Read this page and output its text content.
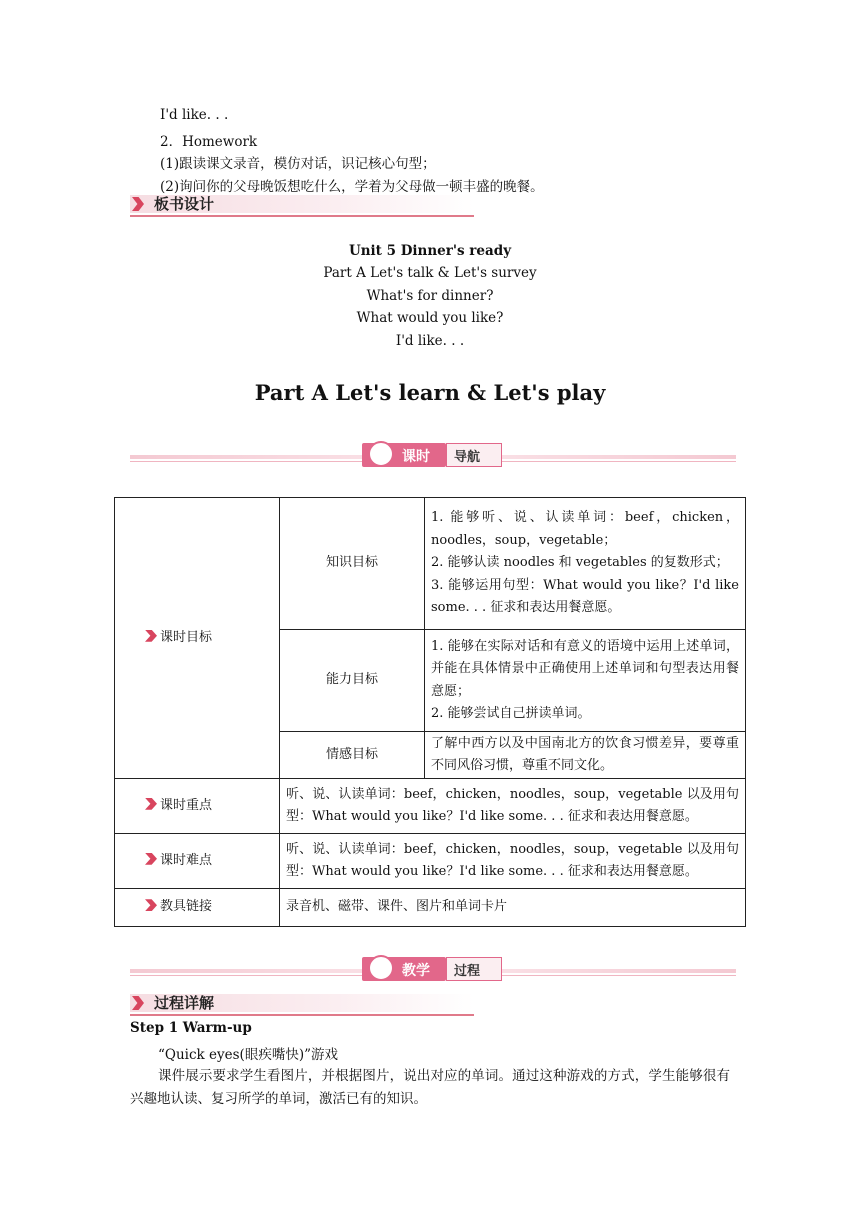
I'd like. . .
2．Homework
(1)跟读课文录音，模仿对话，识记核心句型；
(2)询问你的父母晚饭想吃什么，学着为父母做一顿丰盛的晚餐。
板书设计
Unit 5 Dinner's ready
Part A Let's talk & Let's survey
What's for dinner?
What would you like?
I'd like. . .
Part A Let's learn & Let's play
课时 导航
课时目标	知识目标	1. 能够听、说、认读单词：beef，chicken，noodles，soup，vegetable；
2. 能够认读 noodles 和 vegetables 的复数形式；
3. 能够运用句型：What would you like？I'd like some. . . 征求和表达用餐意愿。

	能力目标	1. 能够在实际对话和有意义的语境中运用上述单词，并能在具体情景中正确使用上述单词和句型表达用餐意愿；
2. 能够尝试自己拼读单词。

	情感目标	了解中西方以及中国南北方的饮食习惯差异，要尊重不同风俗习惯，尊重不同文化。
课时重点	听、说、认读单词：beef，chicken，noodles，soup，vegetable 以及用句型：What would you like？I'd like some. . . 征求和表达用餐意愿。	
课时难点	听、说、认读单词：beef，chicken，noodles，soup，vegetable 以及用句型：What would you like？I'd like some. . . 征求和表达用餐意愿。	
教具链接	录音机、磁带、课件、图片和单词卡片	
教学 过程
过程详解
Step 1 Warm-up
“Quick eyes(眼疾嘴快)”游戏
课件展示要求学生看图片，并根据图片，说出对应的单词。通过这种游戏的方式，学生能够很有兴趣地认读、复习所学的单词，激活已有的知识。
